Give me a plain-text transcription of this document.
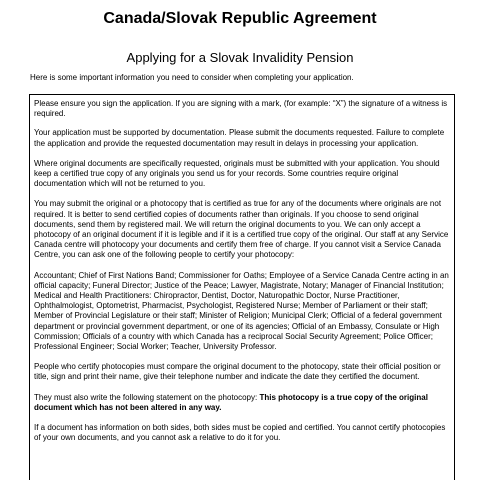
Canada/Slovak Republic Agreement
Applying for a Slovak Invalidity Pension
Here is some important information you need to consider when completing your application.

Please ensure you sign the application. If you are signing with a mark, (for example: “X”) the signature of a witness is required.

Your application must be supported by documentation. Please submit the documents requested. Failure to complete the application and provide the requested documentation may result in delays in processing your application.

Where original documents are specifically requested, originals must be submitted with your application. You should keep a certified true copy of any originals you send us for your records. Some countries require original documentation which will not be returned to you.

You may submit the original or a photocopy that is certified as true for any of the documents where originals are not required. It is better to send certified copies of documents rather than originals. If you choose to send original documents, send them by registered mail. We will return the original documents to you. We can only accept a photocopy of an original document if it is legible and if it is a certified true copy of the original. Our staff at any Service Canada centre will photocopy your documents and certify them free of charge. If you cannot visit a Service Canada Centre, you can ask one of the following people to certify your photocopy:

Accountant; Chief of First Nations Band; Commissioner for Oaths; Employee of a Service Canada Centre acting in an official capacity; Funeral Director; Justice of the Peace; Lawyer, Magistrate, Notary; Manager of Financial Institution; Medical and Health Practitioners: Chiropractor, Dentist, Doctor, Naturopathic Doctor, Nurse Practitioner, Ophthalmologist, Optometrist, Pharmacist, Psychologist, Registered Nurse; Member of Parliament or their staff; Member of Provincial Legislature or their staff; Minister of Religion; Municipal Clerk; Official of a federal government department or provincial government department, or one of its agencies; Official of an Embassy, Consulate or High Commission; Officials of a country with which Canada has a reciprocal Social Security Agreement; Police Officer; Professional Engineer; Social Worker; Teacher, University Professor.

People who certify photocopies must compare the original document to the photocopy, state their official position or title, sign and print their name, give their telephone number and indicate the date they certified the document.

They must also write the following statement on the photocopy: This photocopy is a true copy of the original document which has not been altered in any way.

If a document has information on both sides, both sides must be copied and certified. You cannot certify photocopies of your own documents, and you cannot ask a relative to do it for you.
